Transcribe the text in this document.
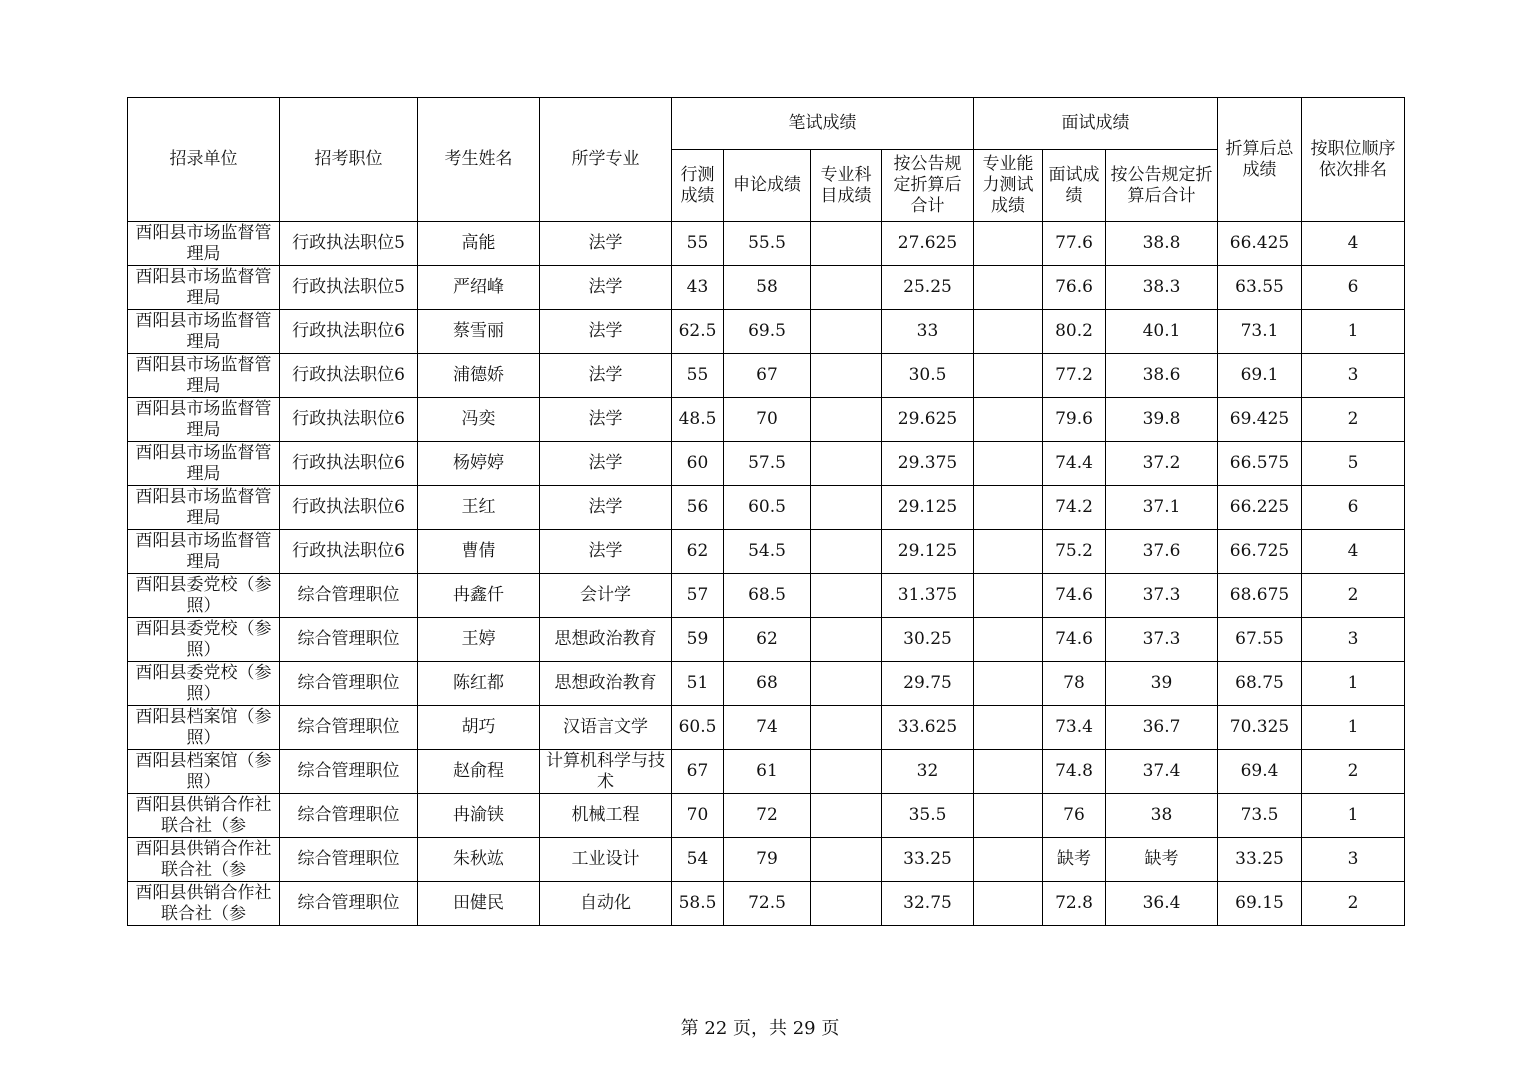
招录单位	招考职位	考生姓名	所学专业	笔试成绩				面试成绩			折算后总成绩	按职位顺序依次排名
				行测成绩	申论成绩	专业科目成绩	按公告规定折算后合计	专业能力测试成绩	面试成绩	按公告规定折算后合计		

酉阳县市场监督管理局	行政执法职位5	高能	法学	55	55.5		27.625		77.6	38.8	66.425	4

酉阳县市场监督管理局	行政执法职位5	严绍峰	法学	43	58		25.25		76.6	38.3	63.55	6

酉阳县市场监督管理局	行政执法职位6	蔡雪丽	法学	62.5	69.5		33		80.2	40.1	73.1	1

酉阳县市场监督管理局	行政执法职位6	浦德娇	法学	55	67		30.5		77.2	38.6	69.1	3

酉阳县市场监督管理局	行政执法职位6	冯奕	法学	48.5	70		29.625		79.6	39.8	69.425	2

酉阳县市场监督管理局	行政执法职位6	杨婷婷	法学	60	57.5		29.375		74.4	37.2	66.575	5

酉阳县市场监督管理局	行政执法职位6	王红	法学	56	60.5		29.125		74.2	37.1	66.225	6

酉阳县市场监督管理局	行政执法职位6	曹倩	法学	62	54.5		29.125		75.2	37.6	66.725	4

酉阳县委党校（参照）	综合管理职位	冉鑫仟	会计学	57	68.5		31.375		74.6	37.3	68.675	2

酉阳县委党校（参照）	综合管理职位	王婷	思想政治教育	59	62		30.25		74.6	37.3	67.55	3

酉阳县委党校（参照）	综合管理职位	陈红都	思想政治教育	51	68		29.75		78	39	68.75	1

酉阳县档案馆（参照）	综合管理职位	胡巧	汉语言文学	60.5	74		33.625		73.4	36.7	70.325	1

酉阳县档案馆（参照）	综合管理职位	赵俞程	计算机科学与技术	67	61		32		74.8	37.4	69.4	2

酉阳县供销合作社联合社（参	综合管理职位	冉渝铗	机械工程	70	72		35.5		76	38	73.5	1

酉阳县供销合作社联合社（参	综合管理职位	朱秋竑	工业设计	54	79		33.25		缺考	缺考	33.25	3

酉阳县供销合作社联合社（参	综合管理职位	田健民	自动化	58.5	72.5		32.75		72.8	36.4	69.15	2
第 22 页，共 29 页
